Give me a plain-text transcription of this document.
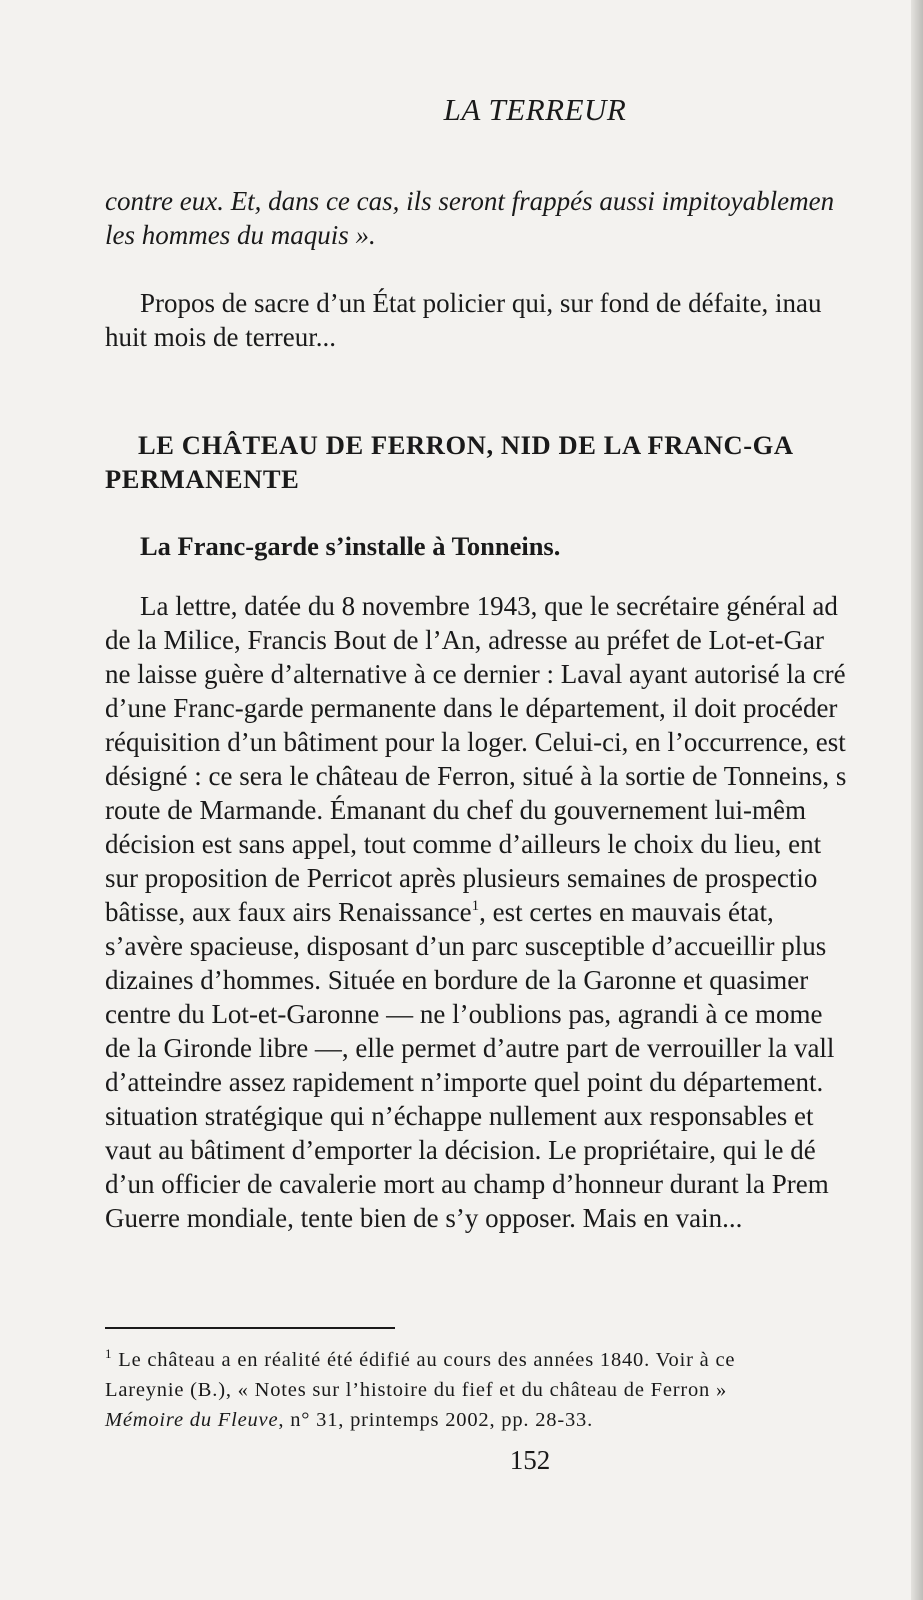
LA TERREUR
contre eux. Et, dans ce cas, ils seront frappés aussi impitoyablemen
les hommes du maquis ».
Propos de sacre d’un État policier qui, sur fond de défaite, inau
huit mois de terreur...
LE CHÂTEAU DE FERRON, NID DE LA FRANC-GA
PERMANENTE
La Franc-garde s’installe à Tonneins.
La lettre, datée du 8 novembre 1943, que le secrétaire général ad
de la Milice, Francis Bout de l’An, adresse au préfet de Lot-et-Gar
ne laisse guère d’alternative à ce dernier : Laval ayant autorisé la cré
d’une Franc-garde permanente dans le département, il doit procéder
réquisition d’un bâtiment pour la loger. Celui-ci, en l’occurrence, est
désigné : ce sera le château de Ferron, situé à la sortie de Tonneins, s
route de Marmande. Émanant du chef du gouvernement lui-mêm
décision est sans appel, tout comme d’ailleurs le choix du lieu, ent
sur proposition de Perricot après plusieurs semaines de prospectio
bâtisse, aux faux airs Renaissance$^1$, est certes en mauvais état,
s’avère spacieuse, disposant d’un parc susceptible d’accueillir plus
dizaines d’hommes. Située en bordure de la Garonne et quasimer
centre du Lot-et-Garonne — ne l’oublions pas, agrandi à ce mome
de la Gironde libre —, elle permet d’autre part de verrouiller la vall
d’atteindre assez rapidement n’importe quel point du département.
situation stratégique qui n’échappe nullement aux responsables et
vaut au bâtiment d’emporter la décision. Le propriétaire, qui le dé
d’un officier de cavalerie mort au champ d’honneur durant la Prem
Guerre mondiale, tente bien de s’y opposer. Mais en vain...
$^1$ Le château a en réalité été édifié au cours des années 1840. Voir à ce
Lareynie (B.), « Notes sur l’histoire du fief et du château de Ferron »
Mémoire du Fleuve, n° 31, printemps 2002, pp. 28-33.
152
